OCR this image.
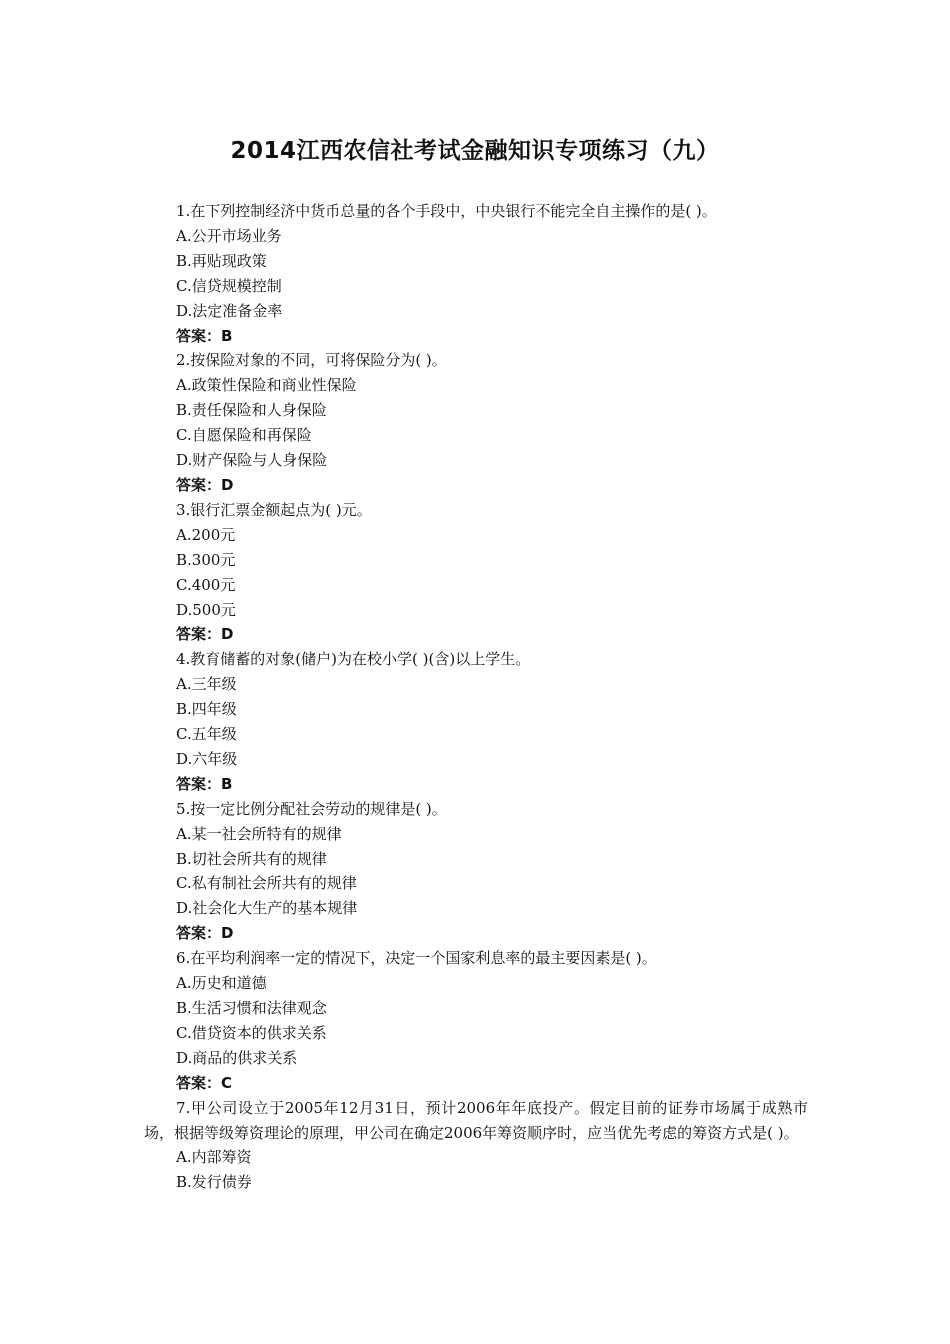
2014江西农信社考试金融知识专项练习（九）
1.在下列控制经济中货币总量的各个手段中，中央银行不能完全自主操作的是( )。
A.公开市场业务
B.再贴现政策
C.信贷规模控制
D.法定准备金率
答案：B
2.按保险对象的不同，可将保险分为( )。
A.政策性保险和商业性保险
B.责任保险和人身保险
C.自愿保险和再保险
D.财产保险与人身保险
答案：D
3.银行汇票金额起点为( )元。
A.200元
B.300元
C.400元
D.500元
答案：D
4.教育储蓄的对象(储户)为在校小学( )(含)以上学生。
A.三年级
B.四年级
C.五年级
D.六年级
答案：B
5.按一定比例分配社会劳动的规律是( )。
A.某一社会所特有的规律
B.切社会所共有的规律
C.私有制社会所共有的规律
D.社会化大生产的基本规律
答案：D
6.在平均利润率一定的情况下，决定一个国家利息率的最主要因素是( )。
A.历史和道德
B.生活习惯和法律观念
C.借贷资本的供求关系
D.商品的供求关系
答案：C

7.甲公司设立于2005年12月31日，预计2006年年底投产。假定目前的证券市场属于成熟市场，根据等级筹资理论的原理，甲公司在确定2006年筹资顺序时，应当优先考虑的筹资方式是( )。

A.内部筹资
B.发行债券
